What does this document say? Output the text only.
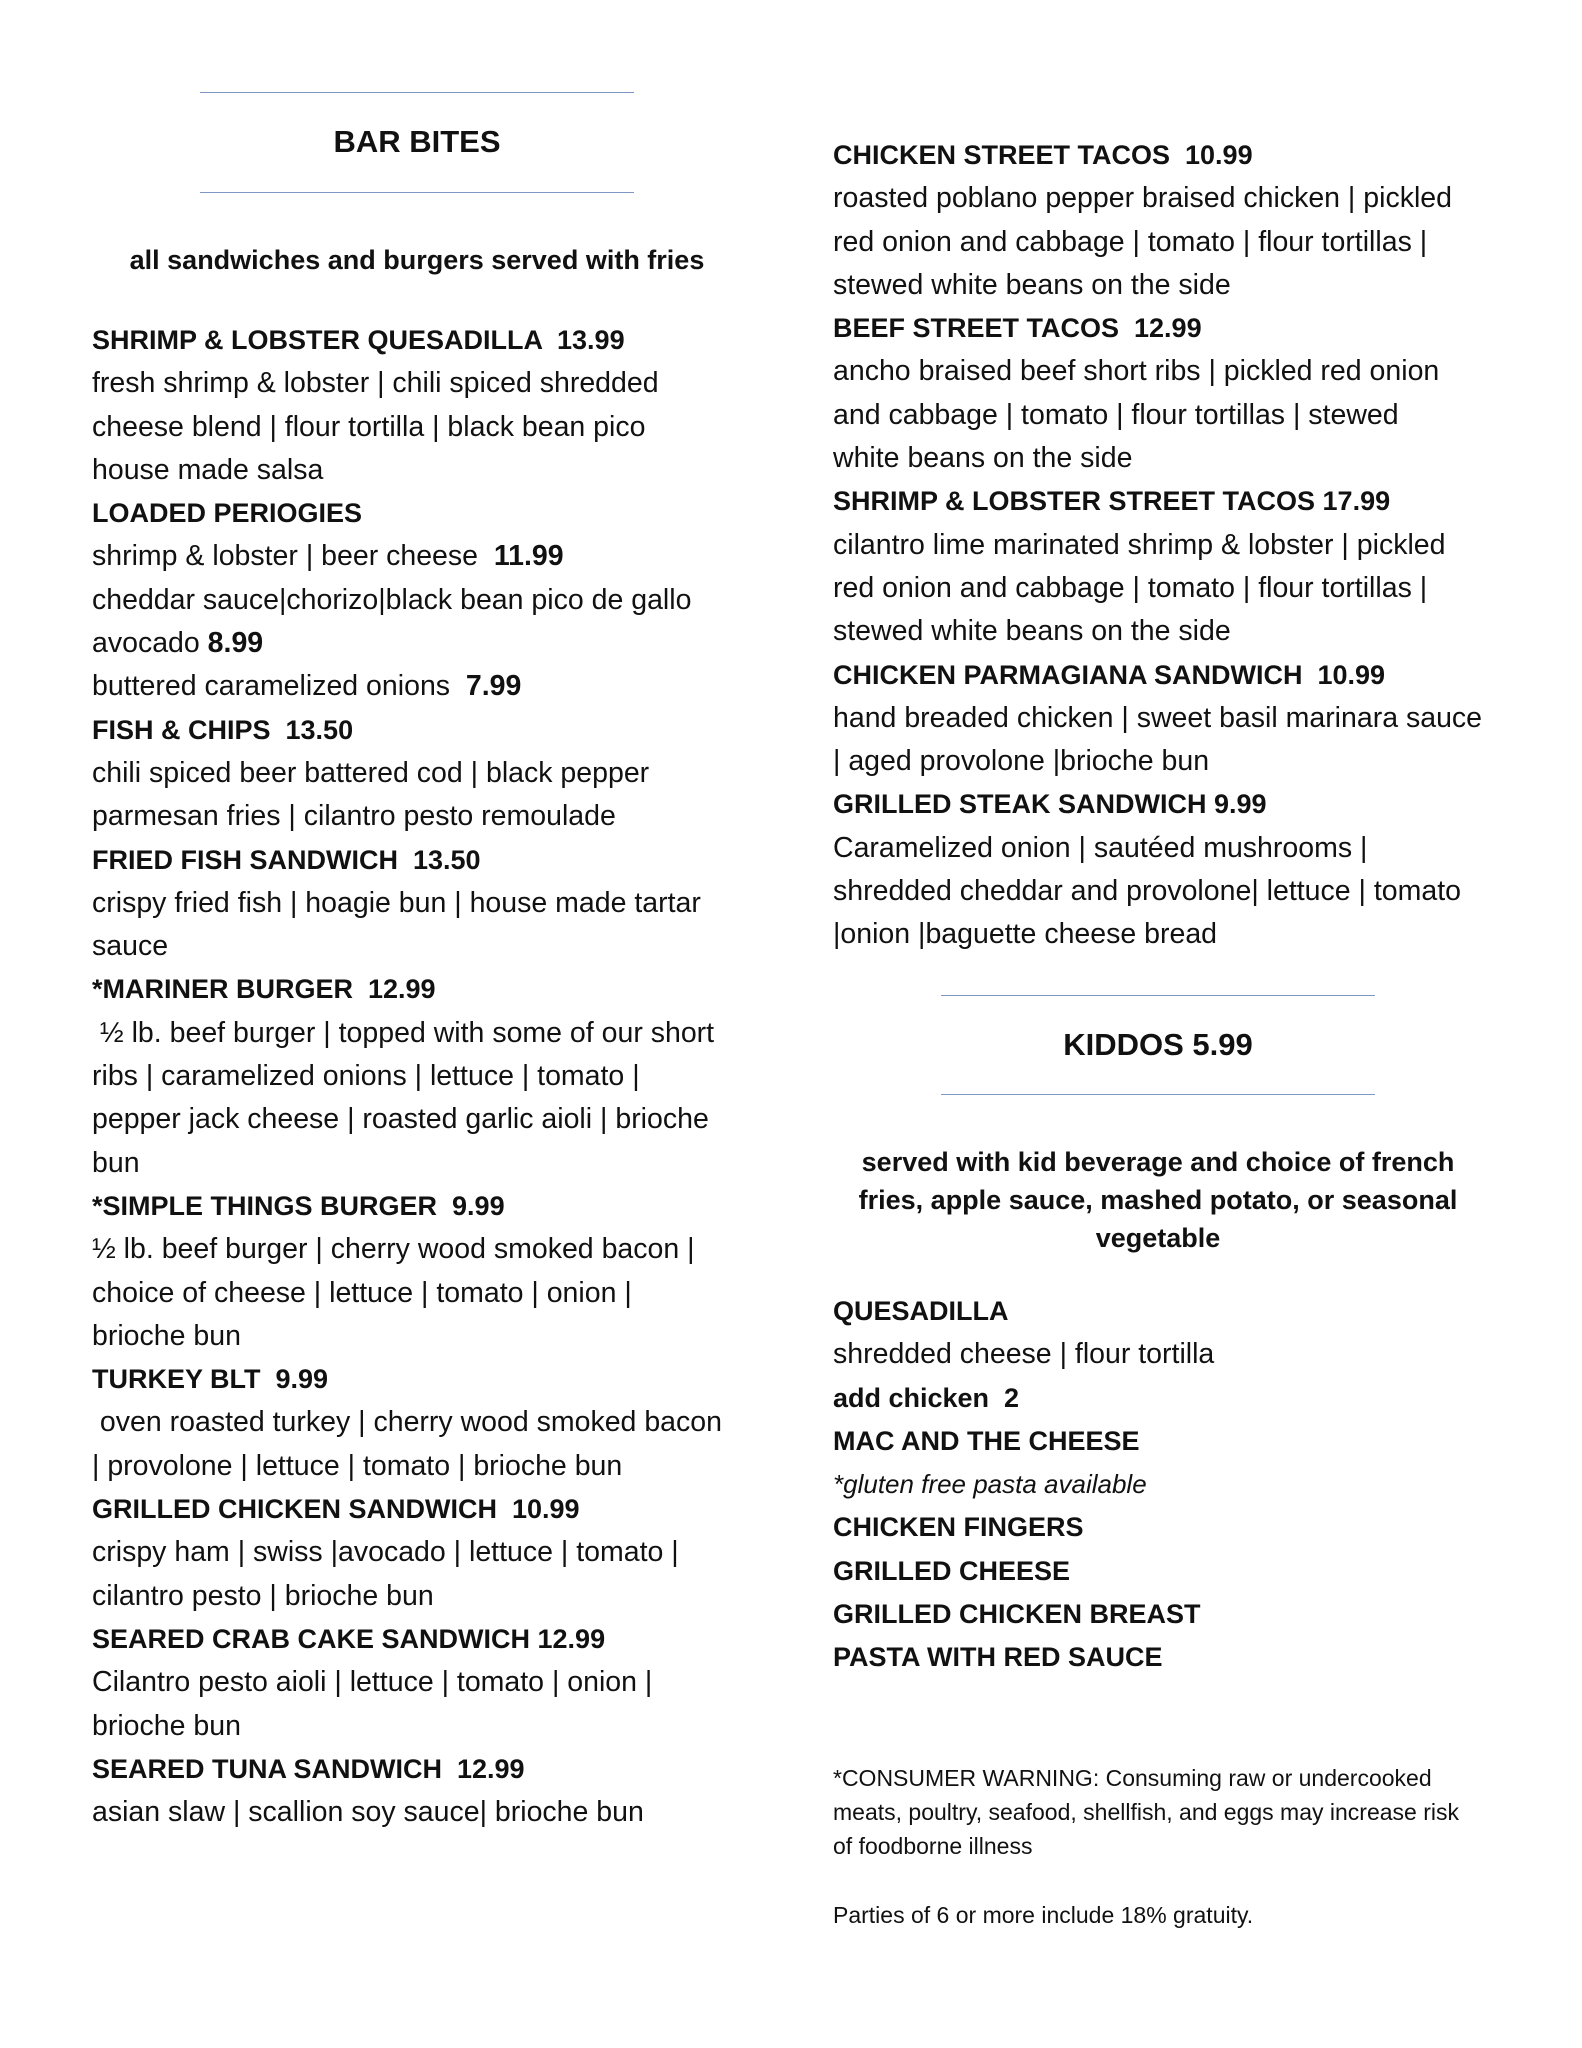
BAR BITES
all sandwiches and burgers served with fries
SHRIMP & LOBSTER QUESADILLA  13.99
fresh shrimp & lobster | chili spiced shredded
cheese blend | flour tortilla | black bean pico
house made salsa
LOADED PERIOGIES
shrimp & lobster | beer cheese  11.99
cheddar sauce|chorizo|black bean pico de gallo
avocado 8.99
buttered caramelized onions  7.99
FISH & CHIPS  13.50
chili spiced beer battered cod | black pepper
parmesan fries | cilantro pesto remoulade
FRIED FISH SANDWICH  13.50
crispy fried fish | hoagie bun | house made tartar
sauce
*MARINER BURGER  12.99
½ lb. beef burger | topped with some of our short
ribs | caramelized onions | lettuce | tomato |
pepper jack cheese | roasted garlic aioli | brioche
bun
*SIMPLE THINGS BURGER  9.99
½ lb. beef burger | cherry wood smoked bacon |
choice of cheese | lettuce | tomato | onion |
brioche bun
TURKEY BLT  9.99
oven roasted turkey | cherry wood smoked bacon
| provolone | lettuce | tomato | brioche bun
GRILLED CHICKEN SANDWICH  10.99
crispy ham | swiss |avocado | lettuce | tomato |
cilantro pesto | brioche bun
SEARED CRAB CAKE SANDWICH 12.99
Cilantro pesto aioli | lettuce | tomato | onion |
brioche bun
SEARED TUNA SANDWICH  12.99
asian slaw | scallion soy sauce| brioche bun
CHICKEN STREET TACOS  10.99
roasted poblano pepper braised chicken | pickled
red onion and cabbage | tomato | flour tortillas |
stewed white beans on the side
BEEF STREET TACOS  12.99
ancho braised beef short ribs | pickled red onion
and cabbage | tomato | flour tortillas | stewed
white beans on the side
SHRIMP & LOBSTER STREET TACOS 17.99
cilantro lime marinated shrimp & lobster | pickled
red onion and cabbage | tomato | flour tortillas |
stewed white beans on the side
CHICKEN PARMAGIANA SANDWICH  10.99
hand breaded chicken | sweet basil marinara sauce
| aged provolone |brioche bun
GRILLED STEAK SANDWICH 9.99
Caramelized onion | sautéed mushrooms |
shredded cheddar and provolone| lettuce | tomato
|onion |baguette cheese bread
KIDDOS 5.99
served with kid beverage and choice of french
fries, apple sauce, mashed potato, or seasonal
vegetable
QUESADILLA
shredded cheese | flour tortilla
add chicken  2
MAC AND THE CHEESE
*gluten free pasta available
CHICKEN FINGERS
GRILLED CHEESE
GRILLED CHICKEN BREAST
PASTA WITH RED SAUCE
*CONSUMER WARNING: Consuming raw or undercooked
meats, poultry, seafood, shellfish, and eggs may increase risk
of foodborne illness
Parties of 6 or more include 18% gratuity.
